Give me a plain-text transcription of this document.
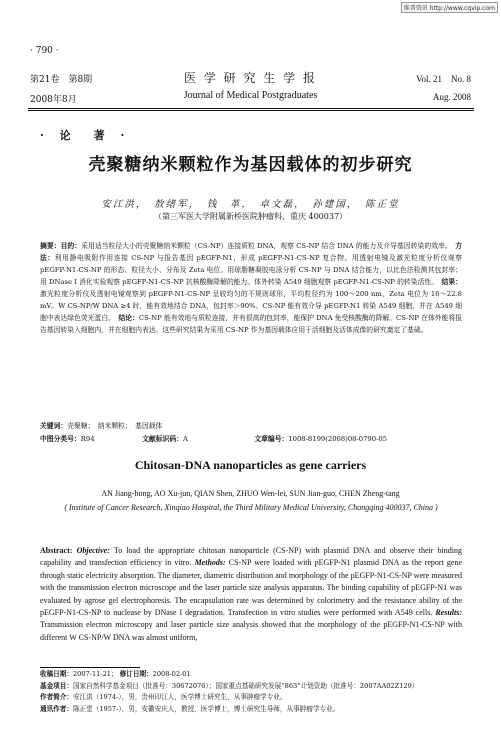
维普资讯 http://www.cqvip.com
· 790 ·
第21卷　第8期
2008年8月
医 学 研 究 生 学 报
Journal of Medical Postgraduates
Vol. 21　No. 8
Aug. 2008
· 论　著 ·
壳聚糖纳米颗粒作为基因载体的初步研究
安江洪，　敖绪军，　钱　革，　卓文磊，　孙建国，　陈正堂
（第三军医大学附属新桥医院肿瘤科，重庆 400037）
摘要：目的：采用适当粒径大小的壳聚糖纳米颗粒（CS-NP）连接质粒 DNA，观察 CS-NP 结合 DNA 的能力及介导基因转染的效率。　 方法：利用静电吸附作用连接 CS-NP 与报告基因 pEGFP-N1，形成 pEGFP-N1-CS-NP 复合物。用透射电镜及激光粒度分析仪观察 pEGFP-N1-CS-NP 的形态、粒径大小、分布及 Zeta 电位。用琼脂糖凝胶电泳分析 CS-NP 与 DNA 结合能力，以比色法检测其包封率；用 DNase I 消化实验观察 pEGFP-N1-CS-NP 抗核酸酶降解的能力。体外转染 A549 细胞观察 pEGFP-N1-CS-NP 的转染活性。　 结果：激光粒度分析仪及透射电镜观察到 pEGFP-N1-CS-NP 呈较均匀的不规则球形，平均粒径约为 100～200 nm，Zeta 电位为 16～22.8 mV。W CS-NP/W DNA ≥4 时，能有效地结合 DNA，包封率＞90%。CS-NP 能有效介导 pEGFP-N1 转染 A549 细胞，并在 A549 细胞中表达绿色荧光蛋白。　 结论：CS-NP 能有效地与质粒连接，并有很高的包封率，能保护 DNA 免受核酸酶的降解。CS-NP 在体外能将报告基因转染入细胞内，并在细胞内表达。这些研究结果为采用 CS-NP 作为基因载体应用于活细胞及活体成像的研究奠定了基础。
关键词：壳聚糖；　纳米颗粒；　基因载体
中图分类号：R94	文献标识码：A	文章编号：1008-8199(2008)08-0790-05
Chitosan-DNA nanoparticles as gene carriers
AN Jiang-hong, AO Xu-jun, QIAN Shen, ZHUO Wen-lei, SUN Jian-guo, CHEN Zheng-tang
( Institute of Cancer Research, Xinqiao Hospital, the Third Military Medical University, Chongqing 400037, China )
Abstract: Objective: To load the appropriate chitosan nanoparticle (CS-NP) with plasmid DNA and observe their binding capability and transfection efficiency in vitro. Methods: CS-NP were loaded with pEGFP-N1 plasmid DNA as the report gene through static electricity absorption. The diameter, diametric distribution and morphology of the pEGFP-N1-CS-NP were measured with the transmission electron microscope and the laser particle size analysis apparatus. The binding capability of pEGFP-N1 was evaluated by agrose gel electrophoresis. The encapsulation rate was determined by colorimetry and the resistance ability of the pEGFP-N1-CS-NP to nuclease by DNase I degradation. Transfection in vitro studies were performed with A549 cells. Results: Transmission electron microscopy and laser particle size analysis showed that the morphology of the pEGFP-N1-CS-NP with different W CS-NP/W DNA was almost uniform,
收稿日期：2007-11-21； 修订日期：2008-02-01
基金项目：国家自然科学基金项目（批准号：30672076）；国家重点基础研究发展“863”计划资助（批准号：2007AA02Z129）
作者简介：安江洪（1974-），男，贵州印江人，医学博士研究生，从事肿瘤学专业。
通讯作者：陈正堂（1957-），男，安徽安庆人，教授，医学博士，博士研究生导师，从事肿瘤学专业。
